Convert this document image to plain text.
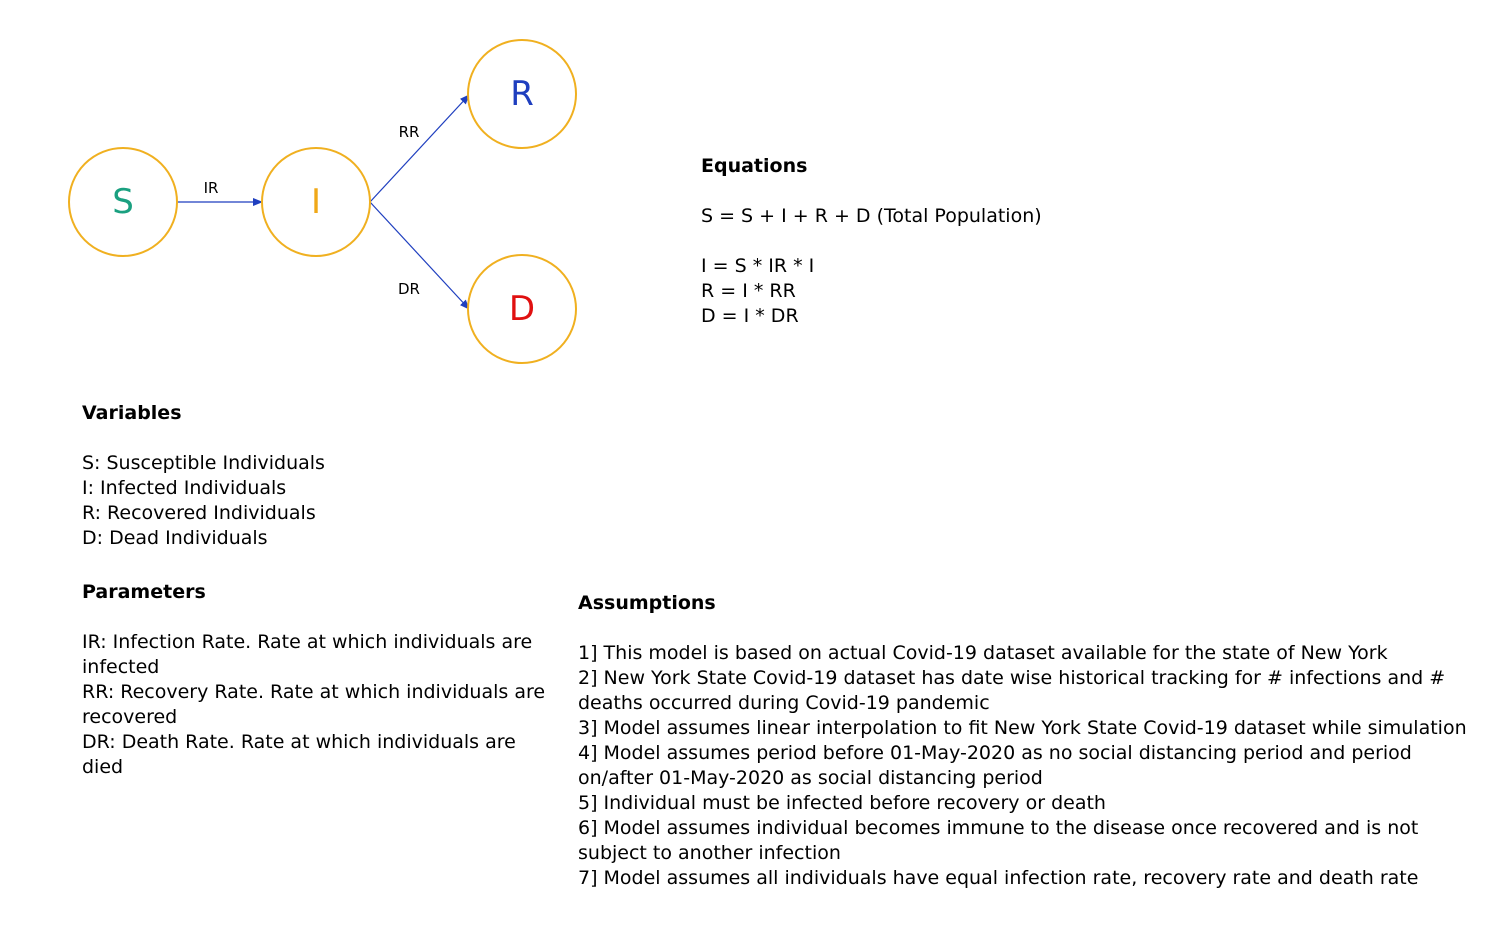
IR
RR
DR
S	I
R
D
Equations
S = S + I + R + D (Total Population)
I = S * IR * I
R = I * RR
D = I * DR
Variables
S: Susceptible Individuals
I: Infected Individuals
R: Recovered Individuals
D: Dead Individuals
Parameters
IR: Infection Rate. Rate at which individuals are infected
RR: Recovery Rate. Rate at which individuals are recovered
DR: Death Rate. Rate at which individuals are died
Assumptions
1] This model is based on actual Covid-19 dataset available for the state of New York
2] New York State Covid-19 dataset has date wise historical tracking for # infections and # deaths occurred during Covid-19 pandemic
3] Model assumes linear interpolation to fit New York State Covid-19 dataset while simulation
4] Model assumes period before 01-May-2020 as no social distancing period and period on/after 01-May-2020 as social distancing period
5] Individual must be infected before recovery or death
6] Model assumes individual becomes immune to the disease once recovered and is not subject to another infection
7] Model assumes all individuals have equal infection rate, recovery rate and death rate
